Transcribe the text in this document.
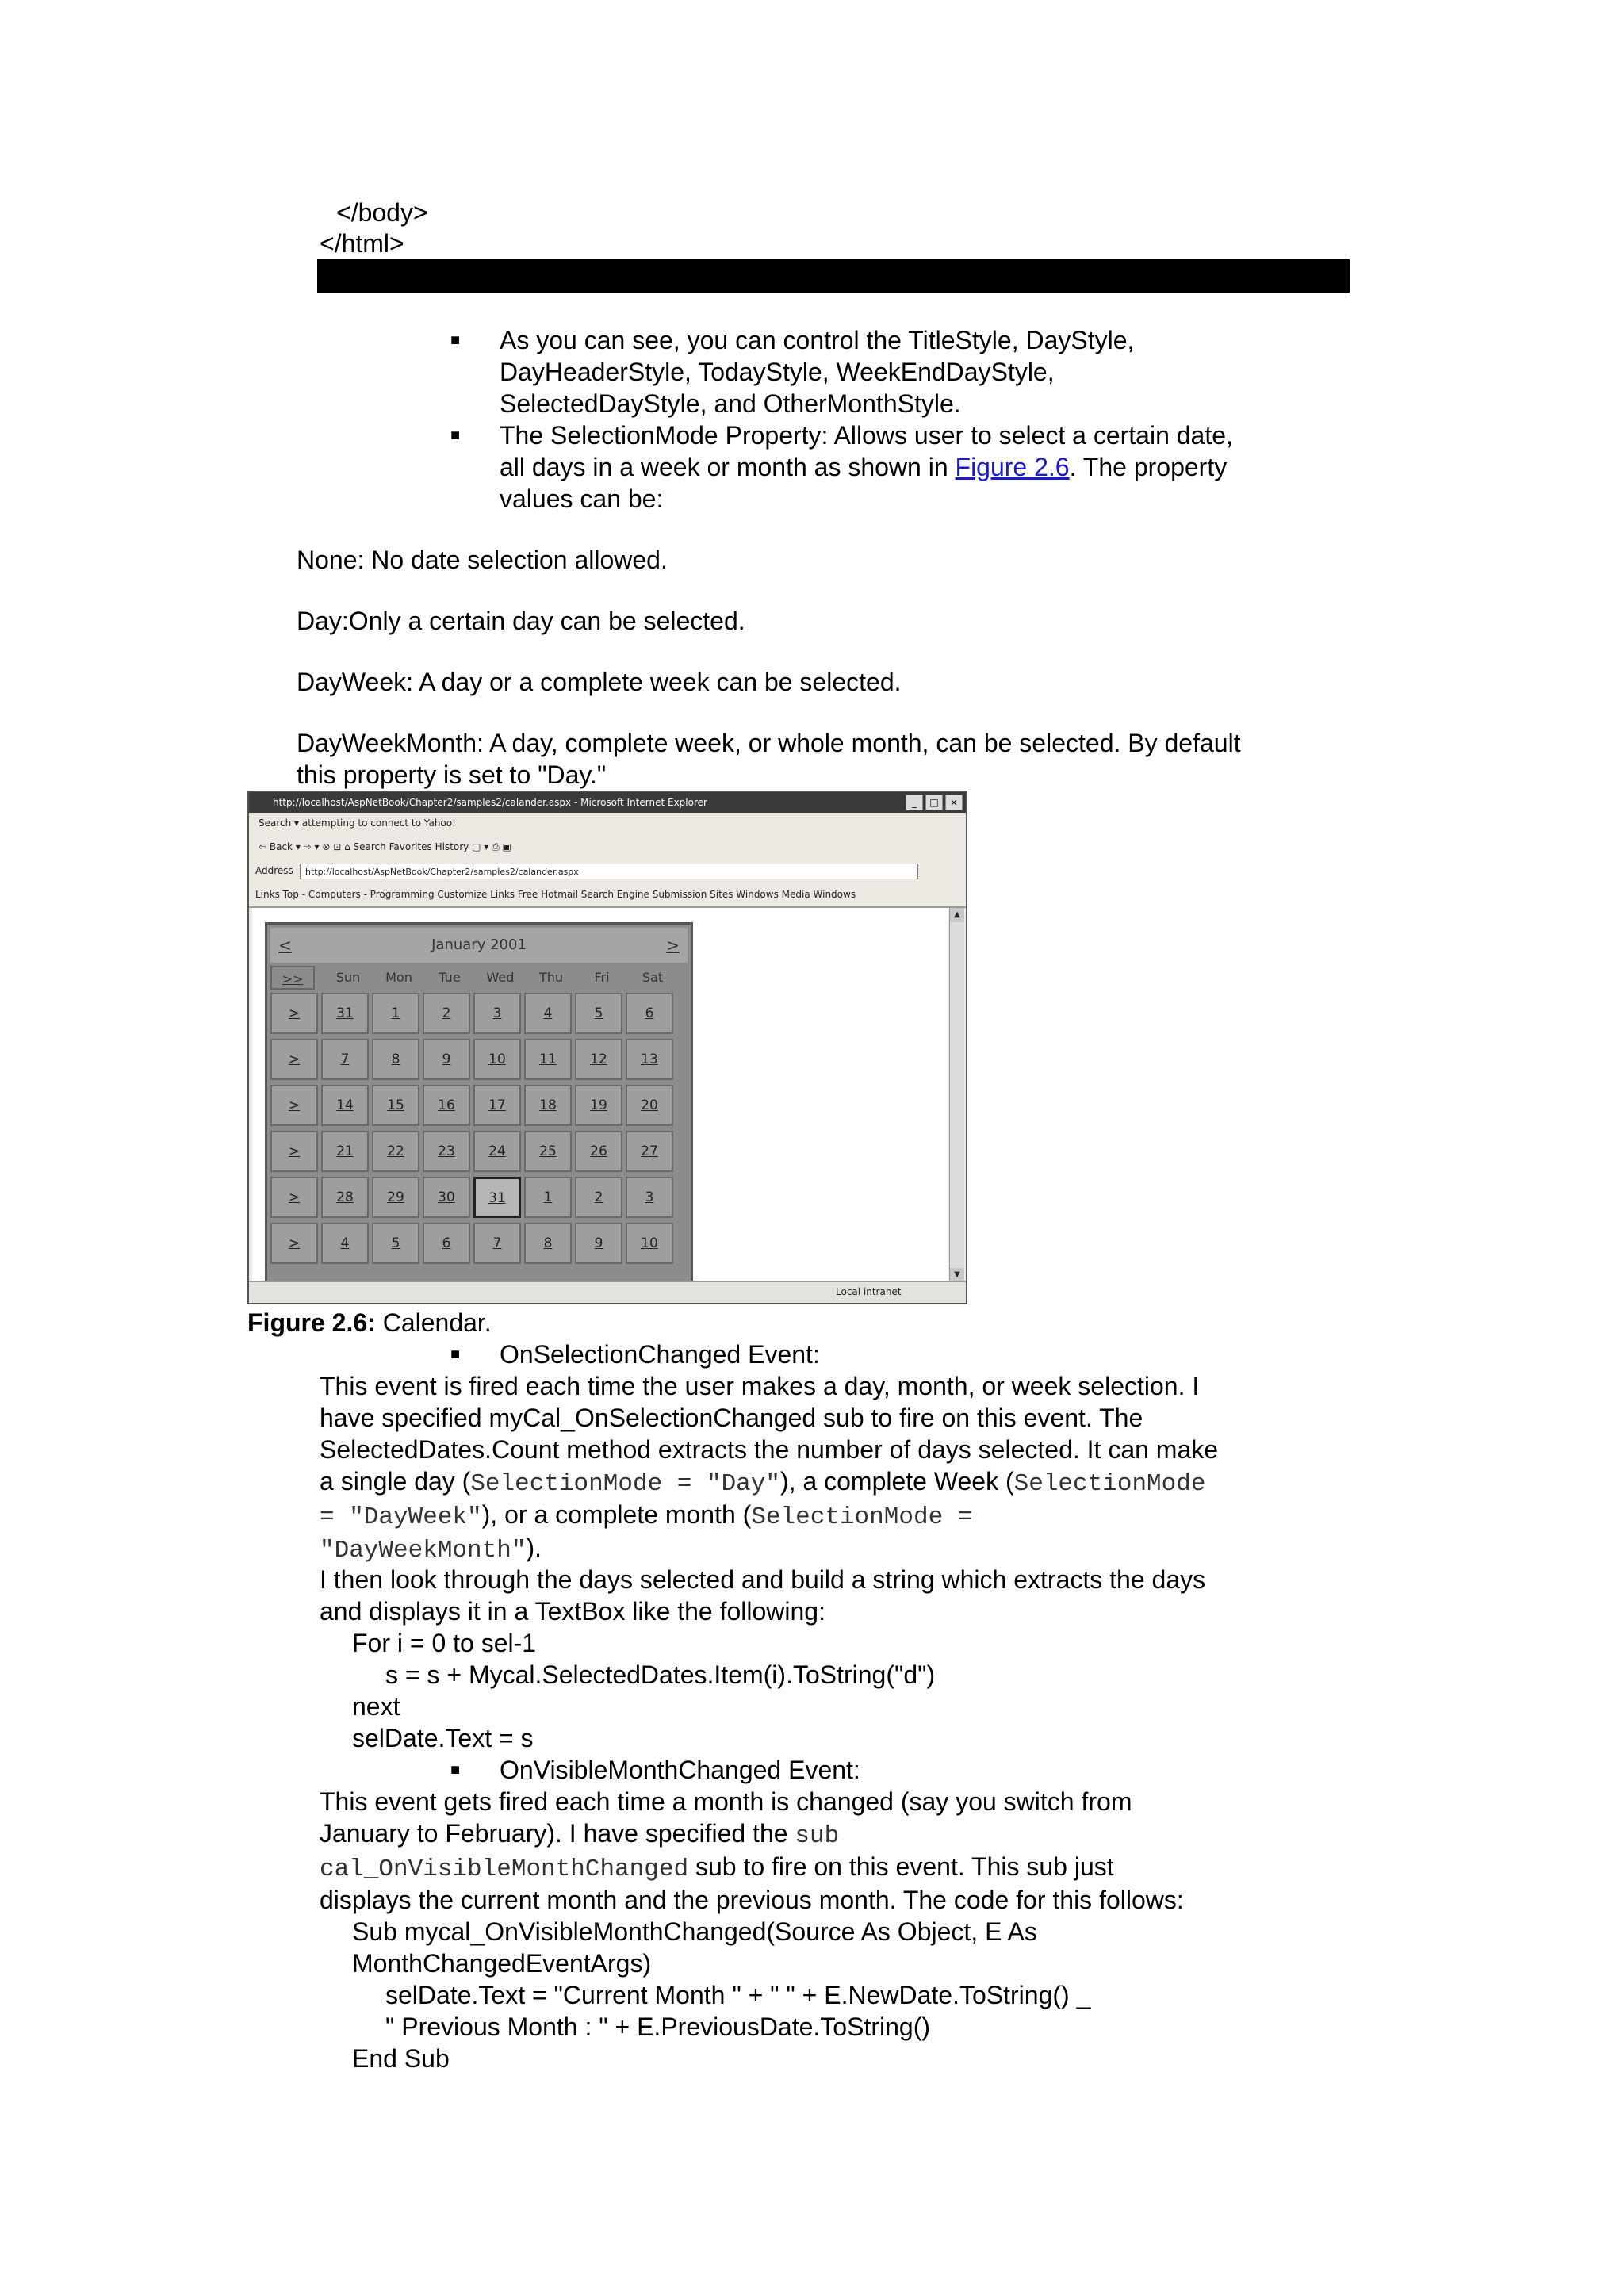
</body>
</html>
■ As you can see, you can control the TitleStyle, DayStyle,
DayHeaderStyle, TodayStyle, WeekEndDayStyle,
SelectedDayStyle, and OtherMonthStyle.
■ The SelectionMode Property: Allows user to select a certain date,
all days in a week or month as shown in Figure 2.6. The property
values can be:
None: No date selection allowed.
Day:Only a certain day can be selected.
DayWeek: A day or a complete week can be selected.
DayWeekMonth: A day, complete week, or whole month, can be selected. By default
this property is set to "Day."
http://localhost/AspNetBook/Chapter2/samples2/calander.aspx - Microsoft Internet Explorer	_	□	×
Search ▾ attempting to connect to Yahoo!
⇦ Back ▾ ⇨ ▾ ⊗ ⊡ ⌂ Search Favorites History ▢ ▾ ⎙ ▣
Address	http://localhost/AspNetBook/Chapter2/samples2/calander.aspx
Links Top - Computers - Programming Customize Links Free Hotmail Search Engine Submission Sites Windows Media Windows
<	January 2001	>
>>	Sun	Mon	Tue	Wed	Thu	Fri	Sat
>	31	1	2	3	4	5	6
>	7	8	9	10	11	12	13
>	14	15	16	17	18	19	20
>	21	22	23	24	25	26	27
>	28	29	30	31	1	2	3
>	4	5	6	7	8	9	10
▲
▼
Local intranet
Figure 2.6: Calendar.
■ OnSelectionChanged Event:
This event is fired each time the user makes a day, month, or week selection. I
have specified myCal_OnSelectionChanged sub to fire on this event. The
SelectedDates.Count method extracts the number of days selected. It can make
a single day (SelectionMode = "Day"), a complete Week (SelectionMode
= "DayWeek"), or a complete month (SelectionMode =
"DayWeekMonth").
I then look through the days selected and build a string which extracts the days
and displays it in a TextBox like the following:
For i = 0 to sel-1
s = s + Mycal.SelectedDates.Item(i).ToString("d")
next
selDate.Text = s
■ OnVisibleMonthChanged Event:
This event gets fired each time a month is changed (say you switch from
January to February). I have specified the sub
cal_OnVisibleMonthChanged sub to fire on this event. This sub just
displays the current month and the previous month. The code for this follows:
Sub mycal_OnVisibleMonthChanged(Source As Object, E As
MonthChangedEventArgs)
selDate.Text = "Current Month " + " " + E.NewDate.ToString() _
" Previous Month : " + E.PreviousDate.ToString()
End Sub
